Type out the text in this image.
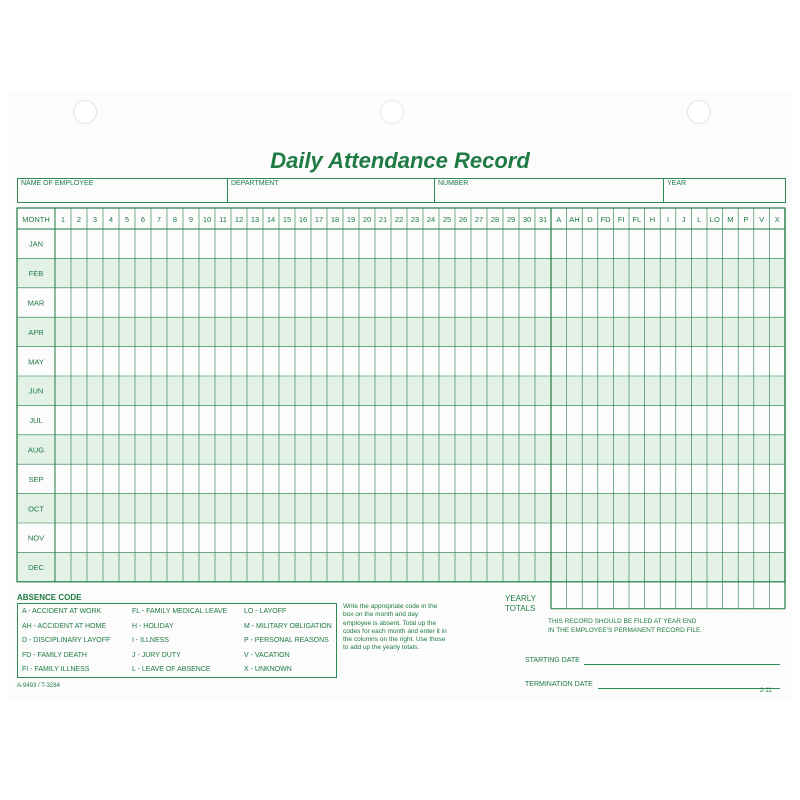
Daily Attendance Record
NAME OF EMPLOYEE	DEPARTMENT	NUMBER	YEAR
MONTH 1 2 3 4 5 6 7 8 9 10 11 12 13 14 15 16 17 18 19 20 21 22 23 24 25 26 27 28 29 30 31 A AH D FD FI FL H I J L LO M P V X
JAN
FEB
MAR
APR
MAY
JUN
JUL
AUG
SEP
OCT
NOV
DEC
ABSENCE CODE
A - ACCIDENT AT WORK
AH - ACCIDENT AT HOME
D - DISCIPLINARY LAYOFF
FD - FAMILY DEATH
FI - FAMILY ILLNESS
FL - FAMILY MEDICAL LEAVE
H - HOLIDAY
I - ILLNESS
J - JURY DUTY
L - LEAVE OF ABSENCE
LO - LAYOFF
M - MILITARY OBLIGATION
P - PERSONAL REASONS
V - VACATION
X - UNKNOWN
Write the appropriate code in the box on the month and day employee is absent. Total up the codes for each month and enter it in the columns on the right. Use those to add up the yearly totals.
YEARLY
TOTALS
THIS RECORD SHOULD BE FILED AT YEAR END
IN THE EMPLOYEE'S PERMANENT RECORD FILE.
STARTING DATE
TERMINATION DATE
A-9493 / T-3284
2-11
